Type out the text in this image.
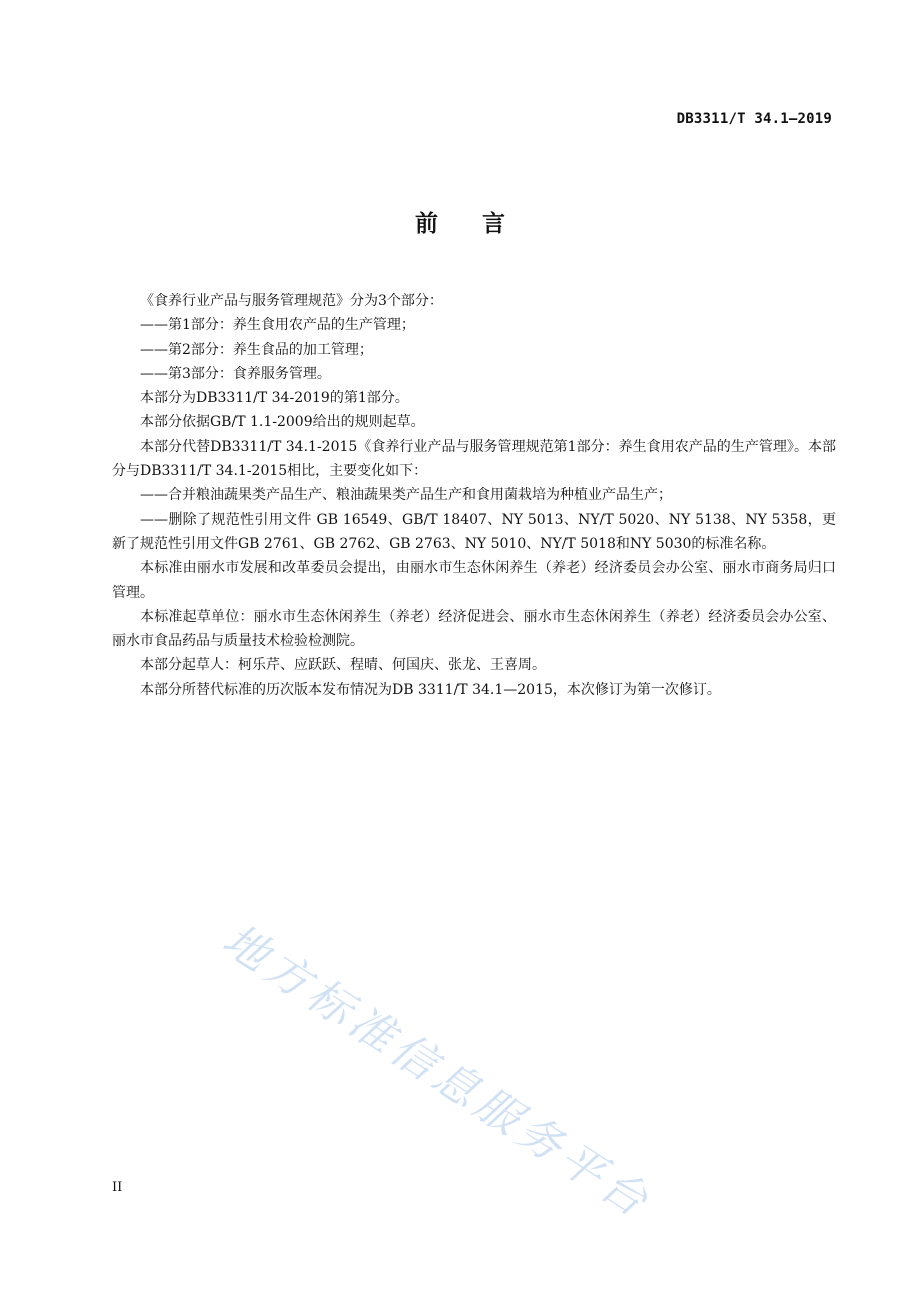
DB3311/T 34.1—2019
前 言

《食养行业产品与服务管理规范》分为3个部分：

——第1部分：养生食用农产品的生产管理；

——第2部分：养生食品的加工管理；

——第3部分：食养服务管理。

本部分为DB3311/T 34-2019的第1部分。

本部分依据GB/T 1.1-2009给出的规则起草。

本部分代替DB3311/T 34.1-2015《食养行业产品与服务管理规范第1部分：养生食用农产品的生产管理》。本部分与DB3311/T 34.1-2015相比，主要变化如下：

——合并粮油蔬果类产品生产、粮油蔬果类产品生产和食用菌栽培为种植业产品生产；

——删除了规范性引用文件 GB 16549、GB/T 18407、NY 5013、NY/T 5020、NY 5138、NY 5358，更新了规范性引用文件GB 2761、GB 2762、GB 2763、NY 5010、NY/T 5018和NY 5030的标准名称。

本标准由丽水市发展和改革委员会提出，由丽水市生态休闲养生（养老）经济委员会办公室、丽水市商务局归口管理。

本标准起草单位：丽水市生态休闲养生（养老）经济促进会、丽水市生态休闲养生（养老）经济委员会办公室、丽水市食品药品与质量技术检验检测院。

本部分起草人：柯乐芹、应跃跃、程晴、何国庆、张龙、王喜周。

本部分所替代标准的历次版本发布情况为DB 3311/T 34.1—2015，本次修订为第一次修订。

地方标准信息服务平台
II
